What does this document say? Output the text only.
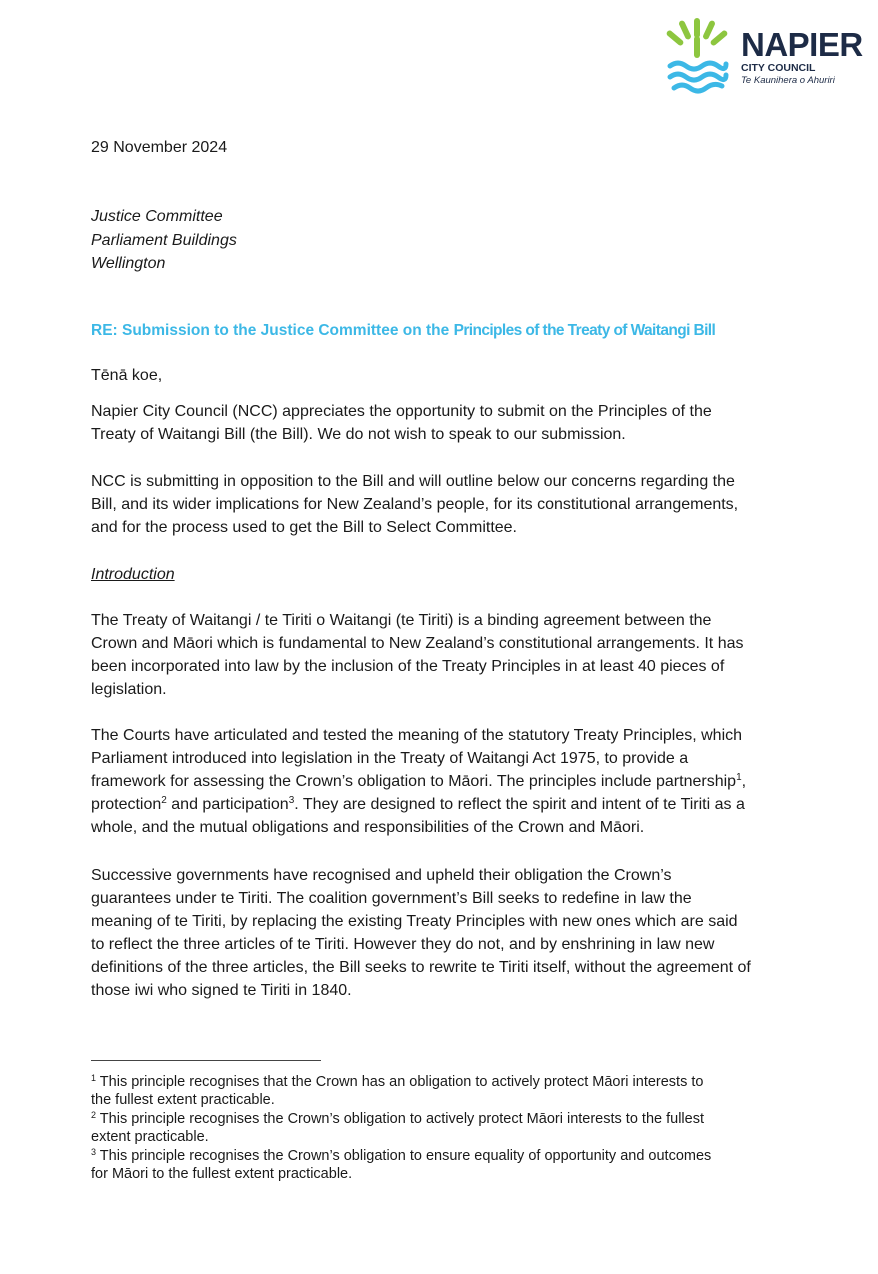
NAPIER
CITY COUNCIL
Te Kaunihera o Ahuriri
29 November 2024
Justice Committee
Parliament Buildings
Wellington
RE: Submission to the Justice Committee on the Principles of the Treaty of Waitangi Bill
Tēnā koe,
Napier City Council (NCC) appreciates the opportunity to submit on the Principles of the
Treaty of Waitangi Bill (the Bill). We do not wish to speak to our submission.
NCC is submitting in opposition to the Bill and will outline below our concerns regarding the
Bill, and its wider implications for New Zealand’s people, for its constitutional arrangements,
and for the process used to get the Bill to Select Committee.
Introduction
The Treaty of Waitangi / te Tiriti o Waitangi (te Tiriti) is a binding agreement between the
Crown and Māori which is fundamental to New Zealand’s constitutional arrangements. It has
been incorporated into law by the inclusion of the Treaty Principles in at least 40 pieces of
legislation.
The Courts have articulated and tested the meaning of the statutory Treaty Principles, which
Parliament introduced into legislation in the Treaty of Waitangi Act 1975, to provide a
framework for assessing the Crown’s obligation to Māori. The principles include partnership$^1$,
protection$^2$ and participation$^3$. They are designed to reflect the spirit and intent of te Tiriti as a
whole, and the mutual obligations and responsibilities of the Crown and Māori.
Successive governments have recognised and upheld their obligation the Crown’s
guarantees under te Tiriti. The coalition government’s Bill seeks to redefine in law the
meaning of te Tiriti, by replacing the existing Treaty Principles with new ones which are said
to reflect the three articles of te Tiriti. However they do not, and by enshrining in law new
definitions of the three articles, the Bill seeks to rewrite te Tiriti itself, without the agreement of
those iwi who signed te Tiriti in 1840.
$^1$ This principle recognises that the Crown has an obligation to actively protect Māori interests to
the fullest extent practicable.
$^2$ This principle recognises the Crown’s obligation to actively protect Māori interests to the fullest
extent practicable.
$^3$ This principle recognises the Crown’s obligation to ensure equality of opportunity and outcomes
for Māori to the fullest extent practicable.
